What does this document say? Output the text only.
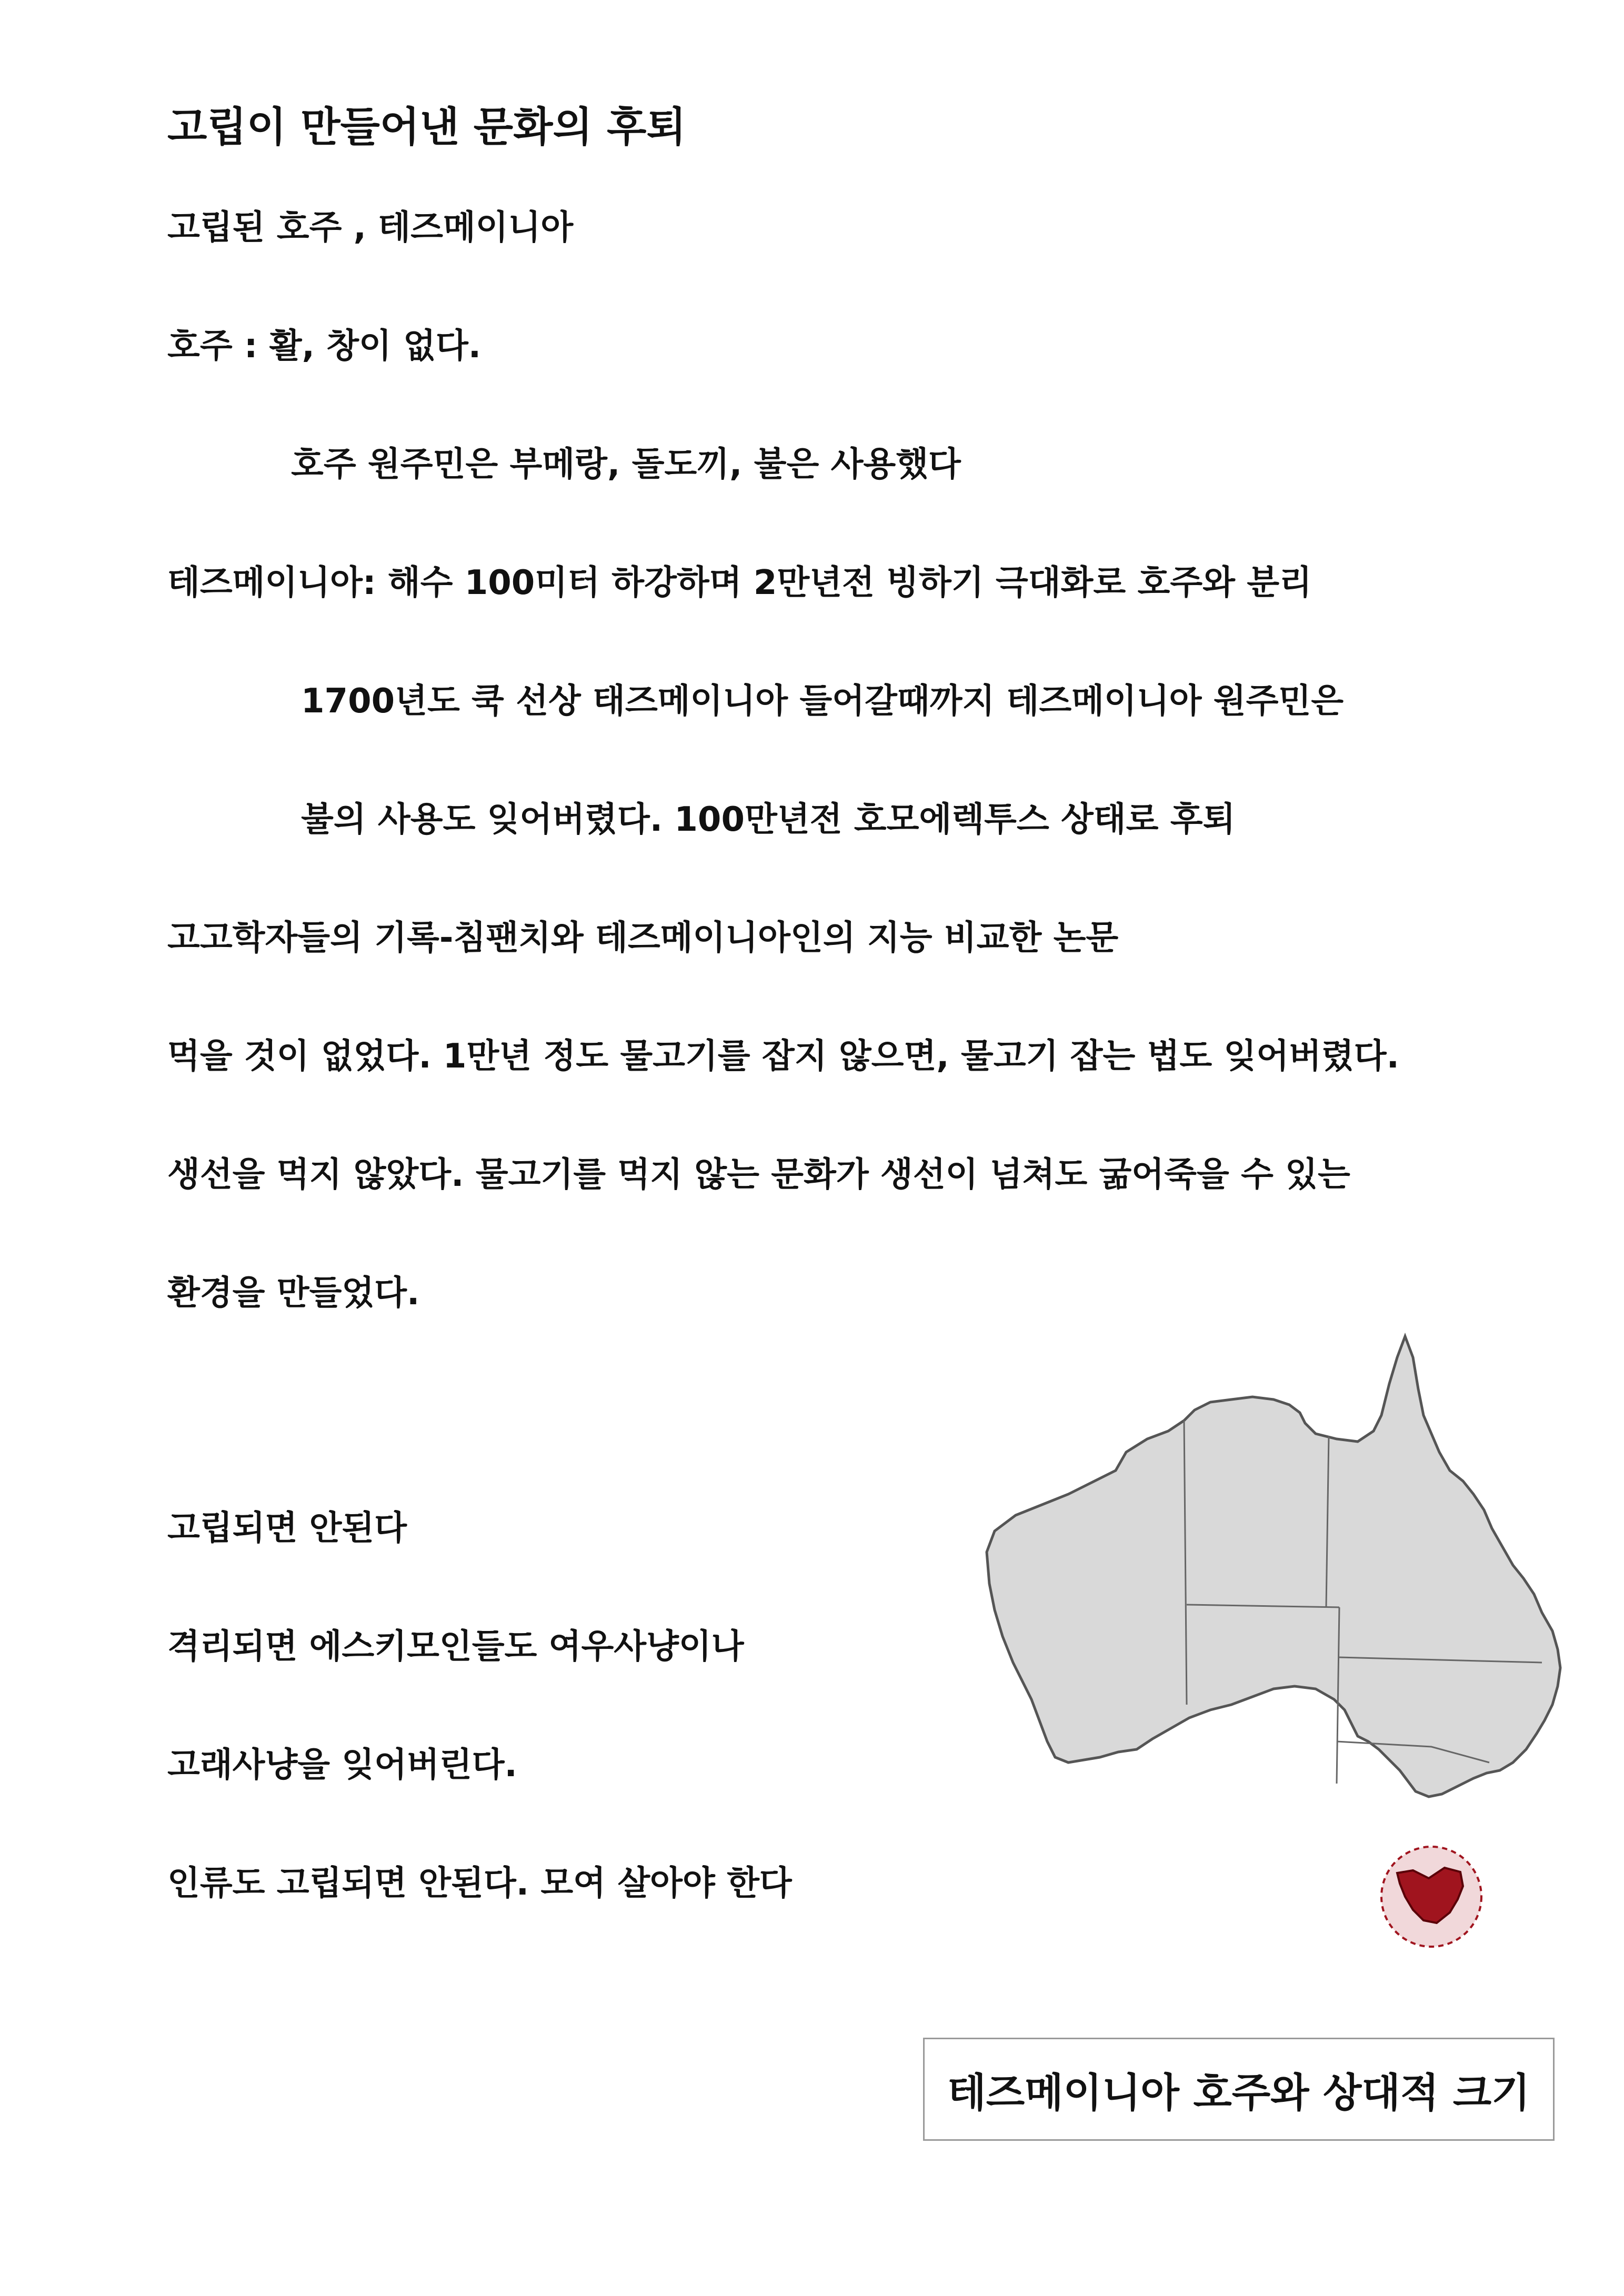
고립이 만들어낸 문화의 후퇴
고립된 호주 , 테즈메이니아
호주 : 활, 창이 없다.
호주 원주민은 부메랑, 돌도끼, 불은 사용했다
테즈메이니아: 해수 100미터 하강하며 2만년전 빙하기 극대화로 호주와 분리
1700년도 쿡 선상 태즈메이니아 들어갈때까지 테즈메이니아 원주민은
불의 사용도 잊어버렸다. 100만년전 호모에렉투스 상태로 후퇴
고고학자들의 기록-침팬치와 테즈메이니아인의 지능 비교한 논문
먹을 것이 없었다. 1만년 정도 물고기를 잡지 않으면, 물고기 잡는 법도 잊어버렸다.
생선을 먹지 않았다. 물고기를 먹지 않는 문화가 생선이 넘쳐도 굶어죽을 수 있는
환경을 만들었다.
고립되면 안된다
격리되면 에스키모인들도 여우사냥이나
고래사냥을 잊어버린다.
인류도 고립되면 안된다. 모여 살아야 한다
테즈메이니아 호주와 상대적 크기
